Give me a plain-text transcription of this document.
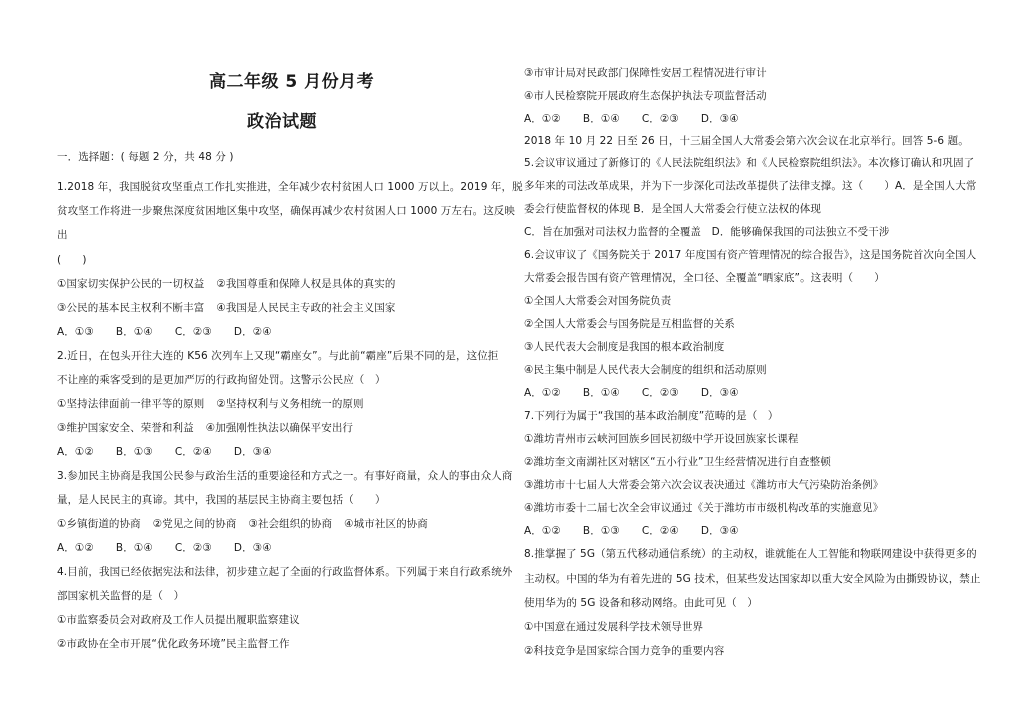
高二年级 5 月份月考
政治试题
一．选择题：( 每题 2 分，共 48 分 )
1.2018 年，我国脱贫攻坚重点工作扎实推进，全年减少农村贫困人口 1000 万以上。2019 年，脱
贫攻坚工作将进一步聚焦深度贫困地区集中攻坚，确保再减少农村贫困人口 1000 万左右。这反映
出
(　　)
①国家切实保护公民的一切权益 ②我国尊重和保障人权是具体的真实的
③公民的基本民主权利不断丰富 ④我国是人民民主专政的社会主义国家
A．①③ B．①④ C．②③ D．②④
2.近日，在包头开往大连的 K56 次列车上又现“霸座女”。与此前“霸座”后果不同的是，这位拒
不让座的乘客受到的是更加严厉的行政拘留处罚。这警示公民应（　）
①坚持法律面前一律平等的原则 ②坚持权利与义务相统一的原则
③维护国家安全、荣誉和利益 ④加强刚性执法以确保平安出行
A．①② B．①③ C．②④ D．③④
3.参加民主协商是我国公民参与政治生活的重要途径和方式之一。有事好商量，众人的事由众人商
量，是人民民主的真谛。其中，我国的基层民主协商主要包括（　　）
①乡镇街道的协商 ②党见之间的协商 ③社会组织的协商 ④城市社区的协商
A．①② B．①④ C．②③ D．③④
4.目前，我国已经依据宪法和法律，初步建立起了全面的行政监督体系。下列属于来自行政系统外
部国家机关监督的是（　）
①市监察委员会对政府及工作人员提出履职监察建议
②市政协在全市开展“优化政务环境”民主监督工作
③市审计局对民政部门保障性安居工程情况进行审计
④市人民检察院开展政府生态保护执法专项监督活动
A．①② B．①④ C．②③ D．③④
2018 年 10 月 22 日至 26 日，十三届全国人大常委会第六次会议在北京举行。回答 5-6 题。
5.会议审议通过了新修订的《人民法院组织法》和《人民检察院组织法》。本次修订确认和巩固了
多年来的司法改革成果，并为下一步深化司法改革提供了法律支撑。这（　　）A．是全国人大常
委会行使监督权的体现 B．是全国人大常委会行使立法权的体现
C．旨在加强对司法权力监督的全覆盖　D．能够确保我国的司法独立不受干涉
6.会议审议了《国务院关于 2017 年度国有资产管理情况的综合报告》，这是国务院首次向全国人
大常委会报告国有资产管理情况，全口径、全覆盖“晒家底”。这表明（　　）
①全国人大常委会对国务院负责
②全国人大常委会与国务院是互相监督的关系
③人民代表大会制度是我国的根本政治制度
④民主集中制是人民代表大会制度的组织和活动原则
A．①② B．①④ C．②③ D．③④
7.下列行为属于“我国的基本政治制度”范畴的是（　）
①潍坊青州市云峡河回族乡回民初级中学开设回族家长课程
②潍坊奎文南湖社区对辖区“五小行业”卫生经营情况进行自查整顿
③潍坊市十七届人大常委会第六次会议表决通过《潍坊市大气污染防治条例》
④潍坊市委十二届七次全会审议通过《关于潍坊市市级机构改革的实施意见》
A．①② B．①③ C．②④ D．③④
8.推掌握了 5G（第五代移动通信系统）的主动权，谁就能在人工智能和物联网建设中获得更多的
主动权。中国的华为有着先进的 5G 技术，但某些发达国家却以重大安全风险为由撕毁协议，禁止
使用华为的 5G 设备和移动网络。由此可见（　）
①中国意在通过发展科学技术领导世界
②科技竞争是国家综合国力竞争的重要内容
